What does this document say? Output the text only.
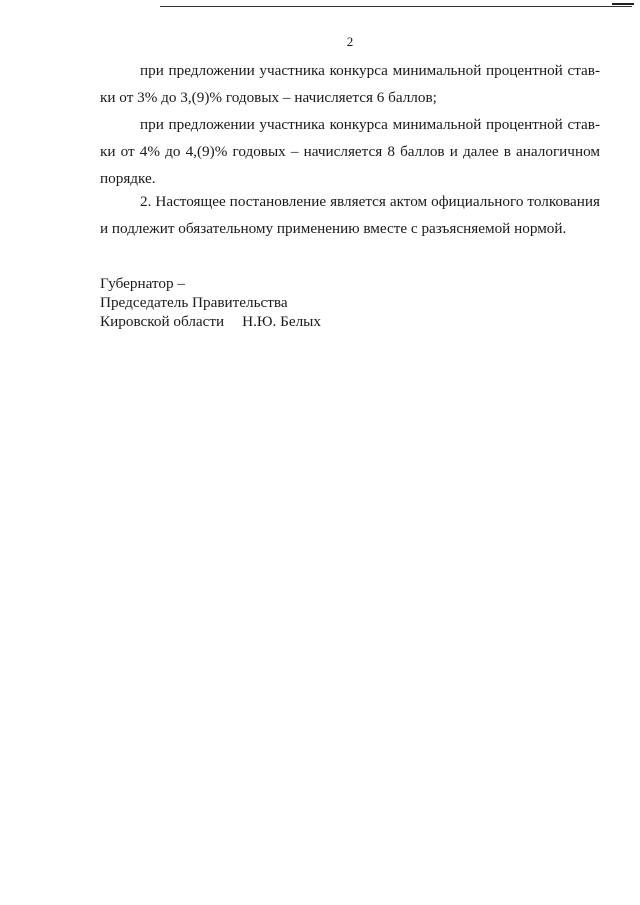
2
при предложении участника конкурса минимальной процентной став-
ки от 3% до 3,(9)% годовых – начисляется 6 баллов;
при предложении участника конкурса минимальной процентной став-
ки от 4% до 4,(9)% годовых – начисляется 8 баллов и далее в аналогичном
порядке.
2. Настоящее постановление является актом официального толкования
и подлежит обязательному применению вместе с разъясняемой нормой.
Губернатор –
Председатель Правительства
Кировской области Н.Ю. Белых
